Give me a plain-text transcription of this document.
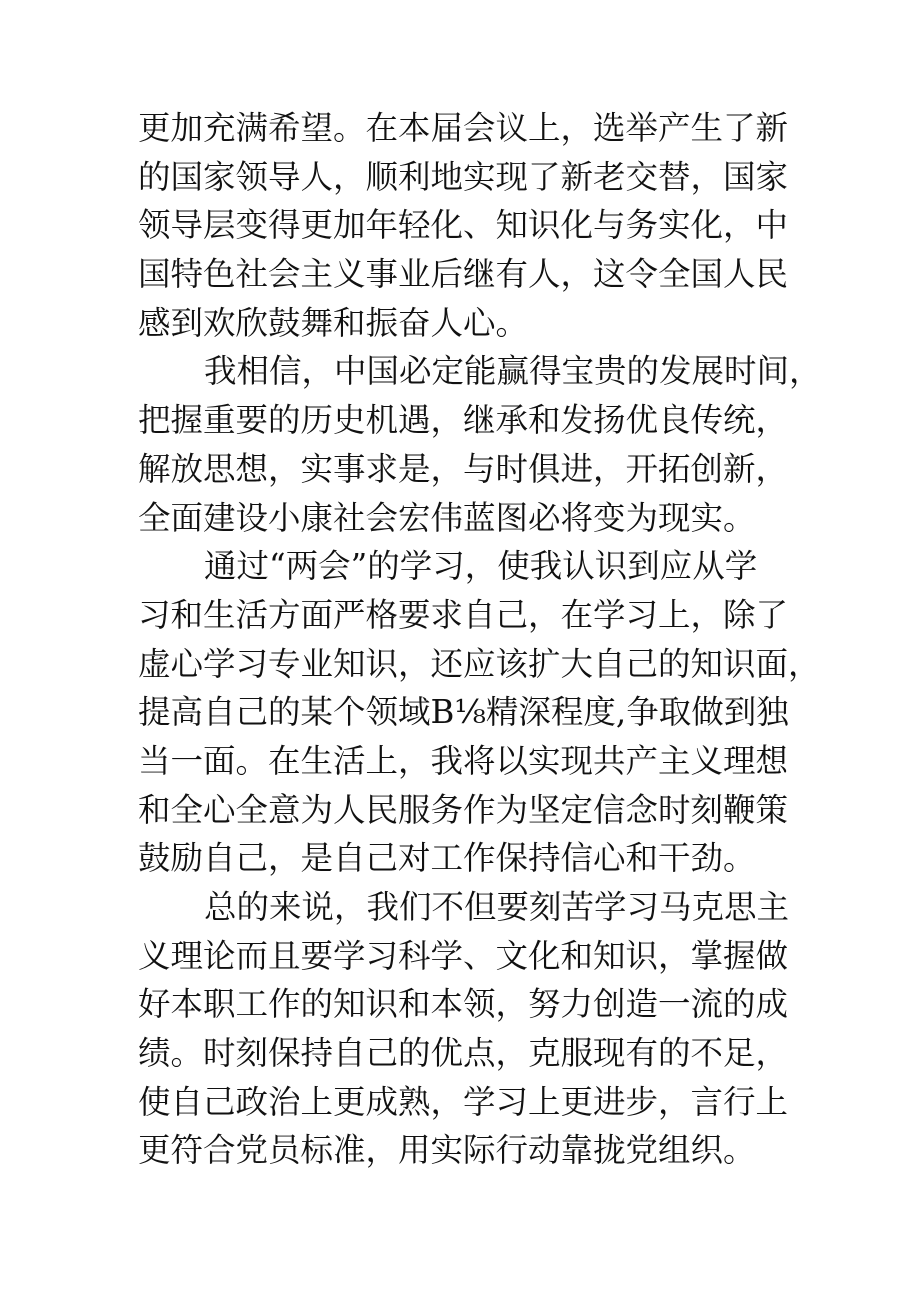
更加充满希望。在本届会议上，选举产生了新
的国家领导人，顺利地实现了新老交替，国家
领导层变得更加年轻化、知识化与务实化，中
国特色社会主义事业后继有人，这令全国人民
感到欢欣鼓舞和振奋人心。
我相信，中国必定能赢得宝贵的发展时间，
把握重要的历史机遇，继承和发扬优良传统，
解放思想，实事求是，与时俱进，开拓创新，
全面建设小康社会宏伟蓝图必将变为现实。
通过“两会”的学习，使我认识到应从学
习和生活方面严格要求自己，在学习上，除了
虚心学习专业知识，还应该扩大自己的知识面，
提高自己的某个领域B⅛精深程度,争取做到独
当一面。在生活上，我将以实现共产主义理想
和全心全意为人民服务作为坚定信念时刻鞭策
鼓励自己，是自己对工作保持信心和干劲。
总的来说，我们不但要刻苦学习马克思主
义理论而且要学习科学、文化和知识，掌握做
好本职工作的知识和本领，努力创造一流的成
绩。时刻保持自己的优点，克服现有的不足，
使自己政治上更成熟，学习上更进步，言行上
更符合党员标准，用实际行动靠拢党组织。
